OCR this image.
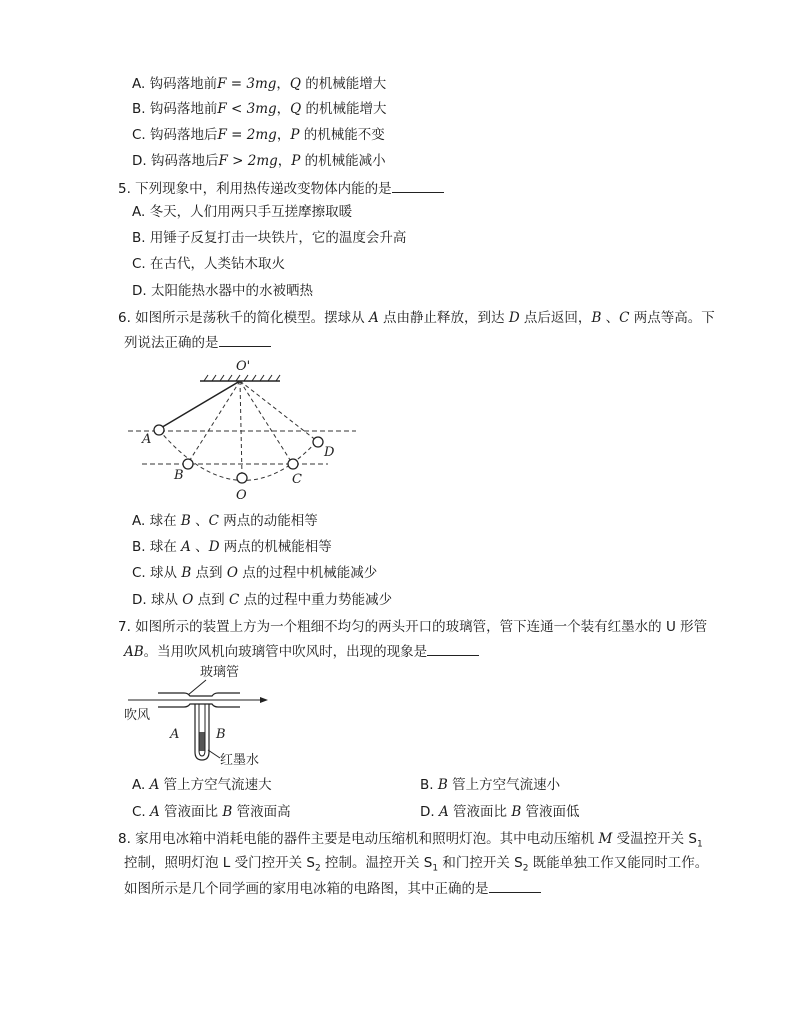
A. 钩码落地前F = 3mg，Q 的机械能增大
B. 钩码落地前F < 3mg，Q 的机械能增大
C. 钩码落地后F = 2mg，P 的机械能不变
D. 钩码落地后F > 2mg，P 的机械能减小
5. 下列现象中，利用热传递改变物体内能的是
A. 冬天，人们用两只手互搓摩擦取暖
B. 用锤子反复打击一块铁片，它的温度会升高
C. 在古代，人类钻木取火
D. 太阳能热水器中的水被晒热
6. 如图所示是荡秋千的简化模型。摆球从 A 点由静止释放，到达 D 点后返回，B 、C 两点等高。下
列说法正确的是
O'
A
B
O
C
D
A. 球在 B 、C 两点的动能相等
B. 球在 A 、D 两点的机械能相等
C. 球从 B 点到 O 点的过程中机械能减少
D. 球从 O 点到 C 点的过程中重力势能减少
7. 如图所示的装置上方为一个粗细不均匀的两头开口的玻璃管，管下连通一个装有红墨水的 U 形管
AB。当用吹风机向玻璃管中吹风时，出现的现象是
玻璃管
吹风
A	B
红墨水
A. A 管上方空气流速大	B. B 管上方空气流速小
C. A 管液面比 B 管液面高	D. A 管液面比 B 管液面低
8. 家用电冰箱中消耗电能的器件主要是电动压缩机和照明灯泡。其中电动压缩机 M 受温控开关 $S_1$
控制，照明灯泡 L 受门控开关 $S_2$ 控制。温控开关 $S_1$ 和门控开关 $S_2$ 既能单独工作又能同时工作。
如图所示是几个同学画的家用电冰箱的电路图，其中正确的是
